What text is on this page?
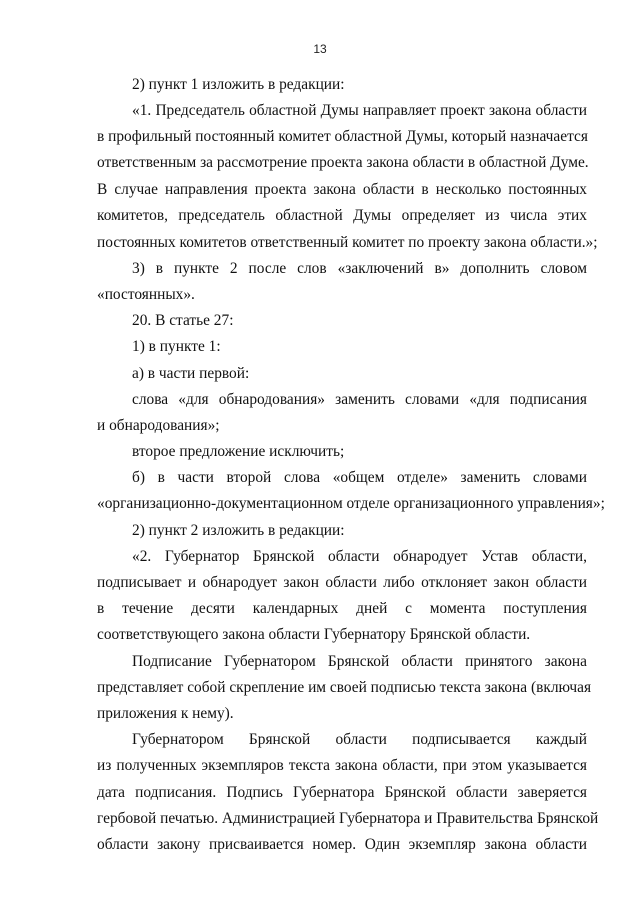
13
2) пункт 1 изложить в редакции:
«1. Председатель областной Думы направляет проект закона области
в профильный постоянный комитет областной Думы, который назначается
ответственным за рассмотрение проекта закона области в областной Думе.
В случае направления проекта закона области в несколько постоянных
комитетов, председатель областной Думы определяет из числа этих
постоянных комитетов ответственный комитет по проекту закона области.»;
3) в пункте 2 после слов «заключений в» дополнить словом
«постоянных».
20. В статье 27:
1) в пункте 1:
а) в части первой:
слова «для обнародования» заменить словами «для подписания
и обнародования»;
второе предложение исключить;
б) в части второй слова «общем отделе» заменить словами
«организационно-документационном отделе организационного управления»;
2) пункт 2 изложить в редакции:
«2. Губернатор Брянской области обнародует Устав области,
подписывает и обнародует закон области либо отклоняет закон области
в течение десяти календарных дней с момента поступления
соответствующего закона области Губернатору Брянской области.
Подписание Губернатором Брянской области принятого закона
представляет собой скрепление им своей подписью текста закона (включая
приложения к нему).
Губернатором Брянской области подписывается каждый
из полученных экземпляров текста закона области, при этом указывается
дата подписания. Подпись Губернатора Брянской области заверяется
гербовой печатью. Администрацией Губернатора и Правительства Брянской
области закону присваивается номер. Один экземпляр закона области
